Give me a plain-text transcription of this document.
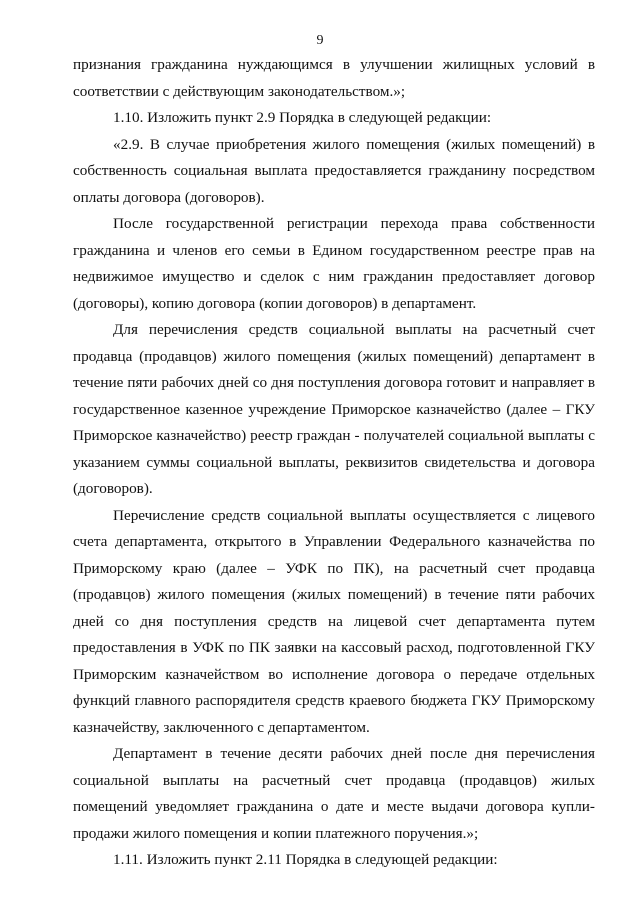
9

признания гражданина нуждающимся в улучшении жилищных условий в соответствии с действующим законодательством.»;

1.10. Изложить пункт 2.9 Порядка в следующей редакции:

«2.9. В случае приобретения жилого помещения (жилых помещений) в собственность социальная выплата предоставляется гражданину посредством оплаты договора (договоров).

После государственной регистрации перехода права собственности гражданина и членов его семьи в Едином государственном реестре прав на недвижимое имущество и сделок с ним гражданин предоставляет договор (договоры), копию договора (копии договоров) в департамент.

Для перечисления средств социальной выплаты на расчетный счет продавца (продавцов) жилого помещения (жилых помещений) департамент в течение пяти рабочих дней со дня поступления договора готовит и направляет в государственное казенное учреждение Приморское казначейство (далее – ГКУ Приморское казначейство) реестр граждан - получателей социальной выплаты с указанием суммы социальной выплаты, реквизитов свидетельства и договора (договоров).

Перечисление средств социальной выплаты осуществляется с лицевого счета департамента, открытого в Управлении Федерального казначейства по Приморскому краю (далее – УФК по ПК), на расчетный счет продавца (продавцов) жилого помещения (жилых помещений) в течение пяти рабочих дней со дня поступления средств на лицевой счет департамента путем предоставления в УФК по ПК заявки на кассовый расход, подготовленной ГКУ Приморским казначейством во исполнение договора о передаче отдельных функций главного распорядителя средств краевого бюджета ГКУ Приморскому казначейству, заключенного с департаментом.

Департамент в течение десяти рабочих дней после дня перечисления социальной выплаты на расчетный счет продавца (продавцов) жилых помещений уведомляет гражданина о дате и месте выдачи договора купли-продажи жилого помещения и копии платежного поручения.»;

1.11. Изложить пункт 2.11 Порядка в следующей редакции:
